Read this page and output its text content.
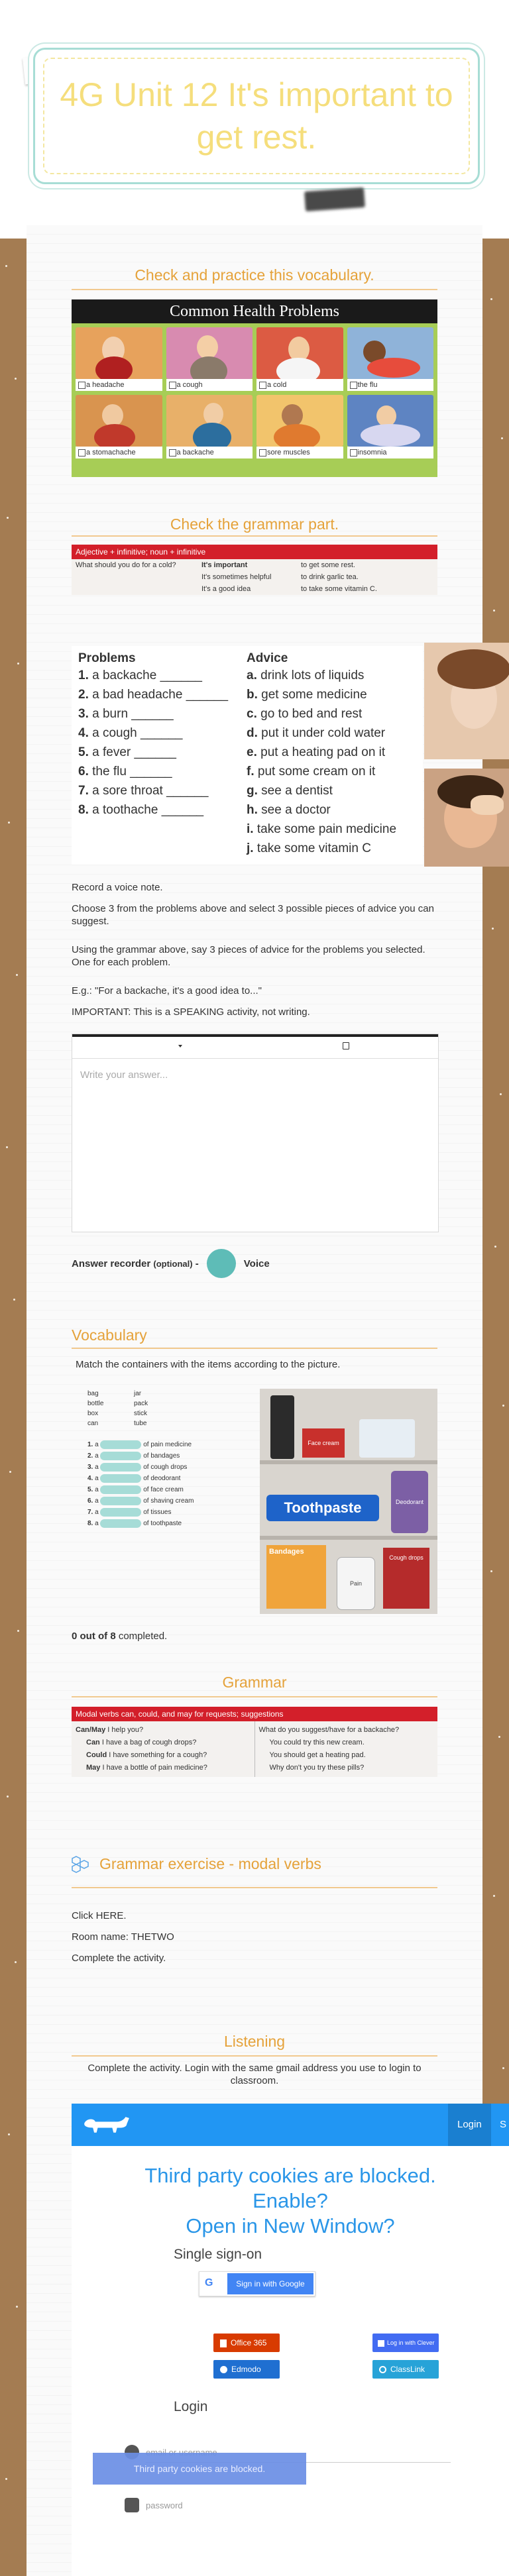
4G Unit 12 It's important to get rest.
Check and practice this vocabulary.
Common Health Problems
a headache	a cough	a cold	the flu
a stomachache	a backache	sore muscles	insomnia
Check the grammar part.
Adjective + infinitive; noun + infinitive
What should you do for a cold?	It's important	to get some rest.
It's sometimes helpful	to drink garlic tea.
It's a good idea	to take some vitamin C.
Problems
1. a backache ______
2. a bad headache ______
3. a burn ______
4. a cough ______
5. a fever ______
6. the flu ______
7. a sore throat ______
8. a toothache ______
Advice
a. drink lots of liquids
b. get some medicine
c. go to bed and rest
d. put it under cold water
e. put a heating pad on it
f. put some cream on it
g. see a dentist
h. see a doctor
i. take some pain medicine
j. take some vitamin C
Record a voice note.
Choose 3 from the problems above and select 3 possible pieces of advice you can suggest.
Using the grammar above, say 3 pieces of advice for the problems you selected. One for each problem.
E.g.: "For a backache, it's a good idea to..."
IMPORTANT: This is a SPEAKING activity, not writing.
Write your answer...
Answer recorder
(optional)
-	Voice
Vocabulary
Match the containers with the items according to the picture.
bag	jar
bottle	pack
box	stick
can	tube
1. a	of pain medicine
2. a	of bandages
3. a	of cough drops
4. a	of deodorant
5. a	of face cream
6. a	of shaving cream
7. a	of tissues
8. a	of toothpaste
Face cream
Toothpaste	Deodorant
Bandages
Pain
Cough drops
0 out of 8 completed.
Grammar
Modal verbs can, could, and may for requests; suggestions
Can/May I help you?
Can I have a bag of cough drops?
Could I have something for a cough?
May I have a bottle of pain medicine?
What do you suggest/have for a backache?
You could try this new cream.
You should get a heating pad.
Why don't you try these pills?
Grammar exercise - modal verbs
Click HERE.
Room name: THETWO
Complete the activity.
Listening
Complete the activity. Login with the same gmail address you use to login to classroom.
Login	S
Third party cookies are blocked.
Enable?
Open in New Window?
Single sign-on
Login
G	Sign in with Google
Office 365
Edmodo
Log in with Clever
ClassLink
password
Third party cookies are blocked.
